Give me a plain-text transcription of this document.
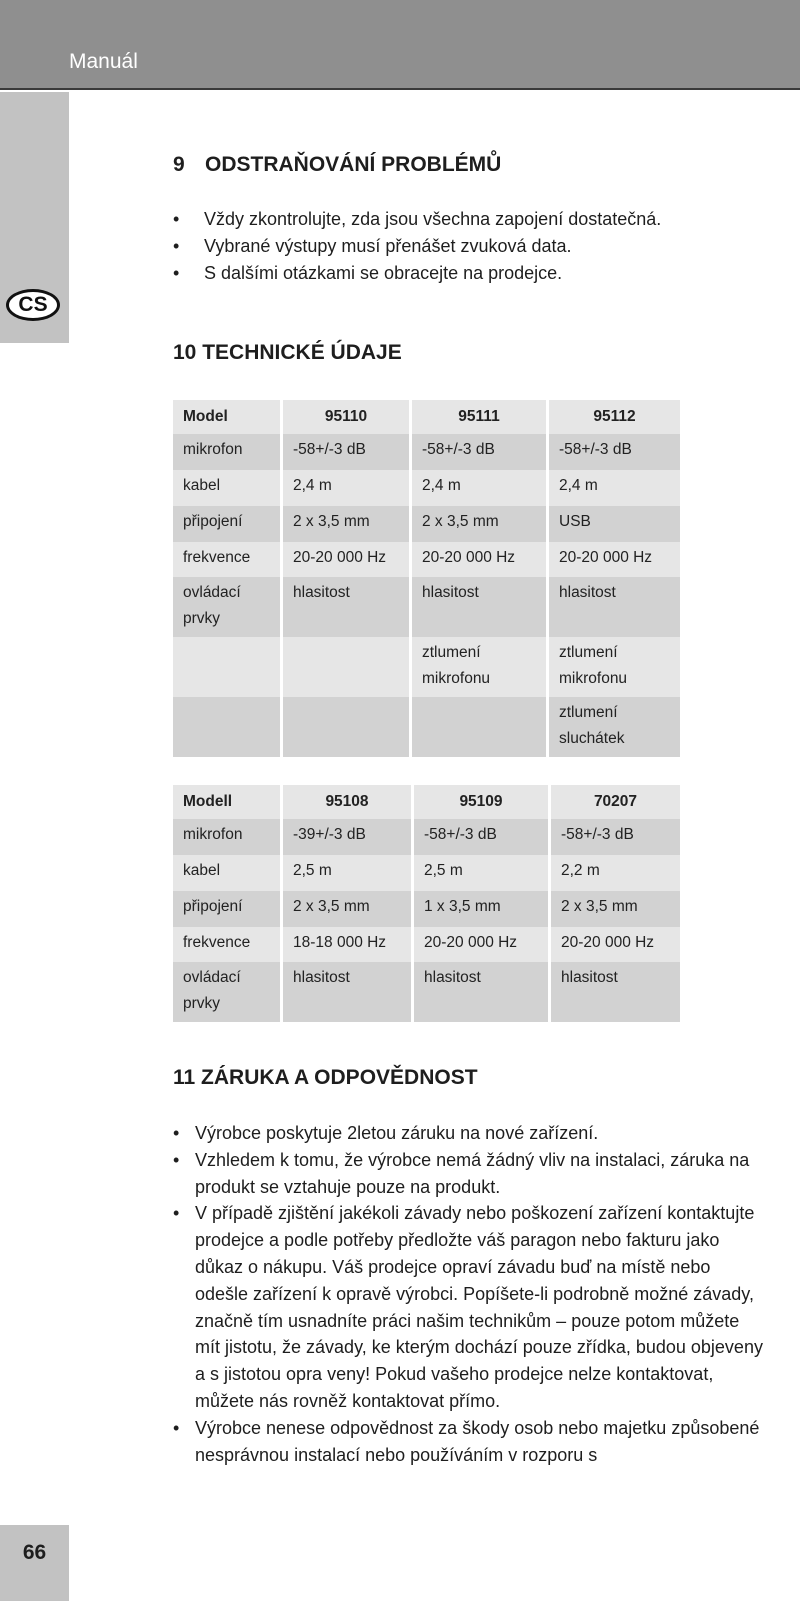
Manuál
CS
66
9 ODSTRAŇOVÁNÍ PROBLÉMŮ
• Vždy zkontrolujte, zda jsou všechna zapojení dostatečná.
• Vybrané výstupy musí přenášet zvuková data.
• S dalšími otázkami se obracejte na prodejce.
10 TECHNICKÉ ÚDAJE
Model	95110	95111	95112

mikrofon	-58+/-3 dB	-58+/-3 dB	-58+/-3 dB

kabel	2,4 m	2,4 m	2,4 m

připojení	2 x 3,5 mm	2 x 3,5 mm	USB

frekvence	20-20 000 Hz	20-20 000 Hz	20-20 000 Hz

ovládací prvky	hlasitost	hlasitost	hlasitost

		ztlumení mikrofonu	ztlumení mikrofonu

			ztlumení sluchátek
Modell	95108	95109	70207

mikrofon	-39+/-3 dB	-58+/-3 dB	-58+/-3 dB

kabel	2,5 m	2,5 m	2,2 m

připojení	2 x 3,5 mm	1 x 3,5 mm	2 x 3,5 mm

frekvence	18-18 000 Hz	20-20 000 Hz	20-20 000 Hz

ovládací prvky	hlasitost	hlasitost	hlasitost
11 ZÁRUKA A ODPOVĚDNOST
• Výrobce poskytuje 2letou záruku na nové zařízení.
• Vzhledem k tomu, že výrobce nemá žádný vliv na instalaci, záruka na produkt se vztahuje pouze na produkt.
• V případě zjištění jakékoli závady nebo poškození zařízení kontaktujte prodejce a podle potřeby předložte váš paragon nebo fakturu jako důkaz o nákupu. Váš prodejce opraví závadu buď na místě nebo odešle zařízení k opravě výrobci. Popíšete-li podrobně možné závady, značně tím usnadníte práci našim technikům – pouze potom můžete mít jistotu, že závady, ke kterým dochází pouze zřídka, budou objeveny a s jistotou opra veny! Pokud vašeho prodejce nelze kontaktovat, můžete nás rovněž kontaktovat přímo.
• Výrobce nenese odpovědnost za škody osob nebo majetku způsobené nesprávnou instalací nebo používáním v rozporu s
